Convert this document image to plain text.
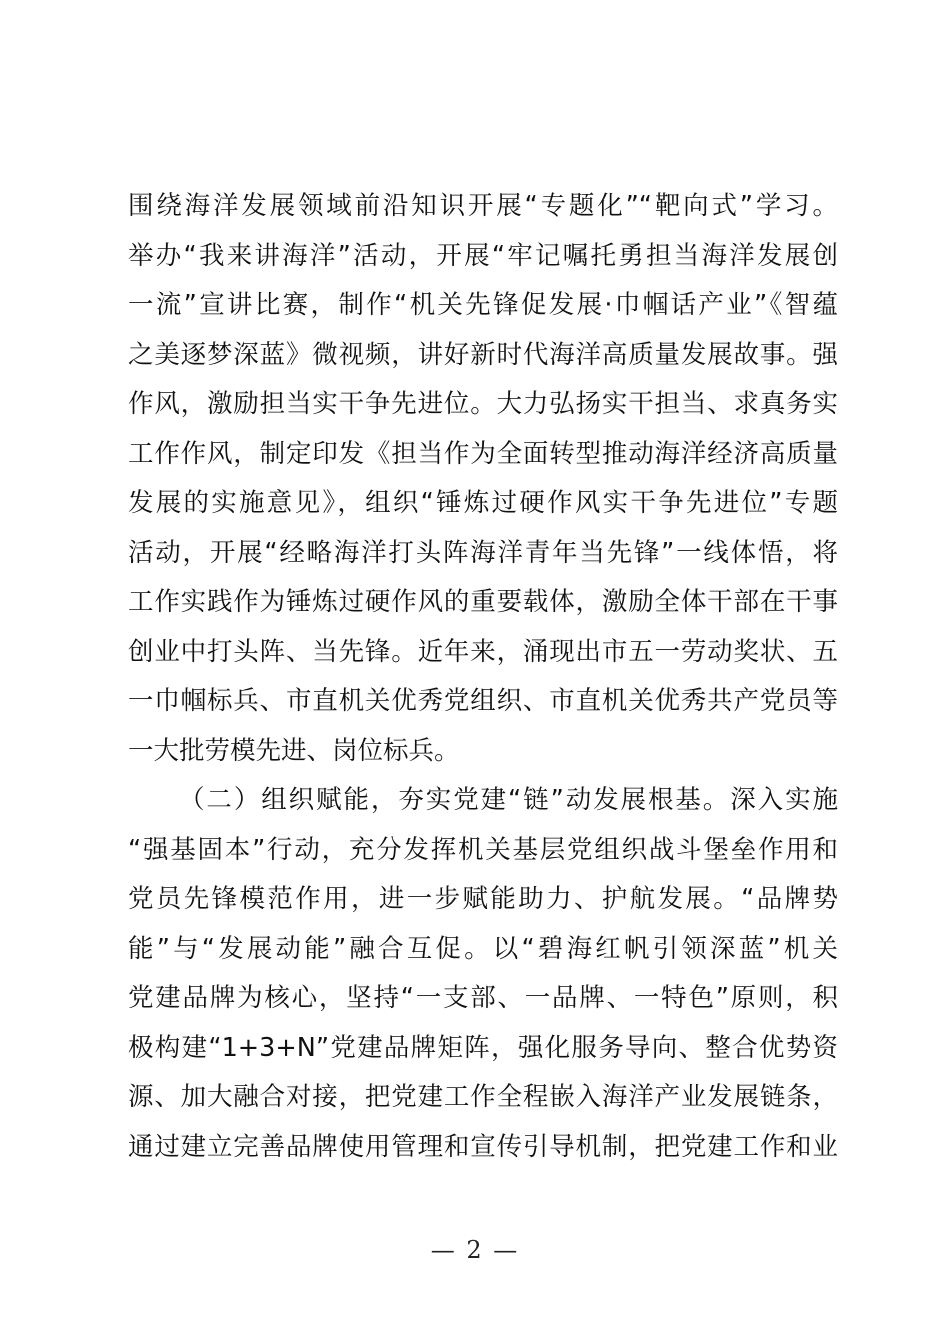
围绕海洋发展领域前沿知识开展“专题化”“靶向式”学习。
举办“我来讲海洋”活动，开展“牢记嘱托勇担当海洋发展创
一流”宣讲比赛，制作“机关先锋促发展·巾帼话产业”《智蕴
之美逐梦深蓝》微视频，讲好新时代海洋高质量发展故事。强
作风，激励担当实干争先进位。大力弘扬实干担当、求真务实
工作作风，制定印发《担当作为全面转型推动海洋经济高质量
发展的实施意见》，组织“锤炼过硬作风实干争先进位”专题
活动，开展“经略海洋打头阵海洋青年当先锋”一线体悟，将
工作实践作为锤炼过硬作风的重要载体，激励全体干部在干事
创业中打头阵、当先锋。近年来，涌现出市五一劳动奖状、五
一巾帼标兵、市直机关优秀党组织、市直机关优秀共产党员等
一大批劳模先进、岗位标兵。
（二）组织赋能，夯实党建“链”动发展根基。深入实施
“强基固本”行动，充分发挥机关基层党组织战斗堡垒作用和
党员先锋模范作用，进一步赋能助力、护航发展。“品牌势
能”与“发展动能”融合互促。以“碧海红帆引领深蓝”机关
党建品牌为核心，坚持“一支部、一品牌、一特色”原则，积
极构建“1+3+N”党建品牌矩阵，强化服务导向、整合优势资
源、加大融合对接，把党建工作全程嵌入海洋产业发展链条，
通过建立完善品牌使用管理和宣传引导机制，把党建工作和业
— 2 —
